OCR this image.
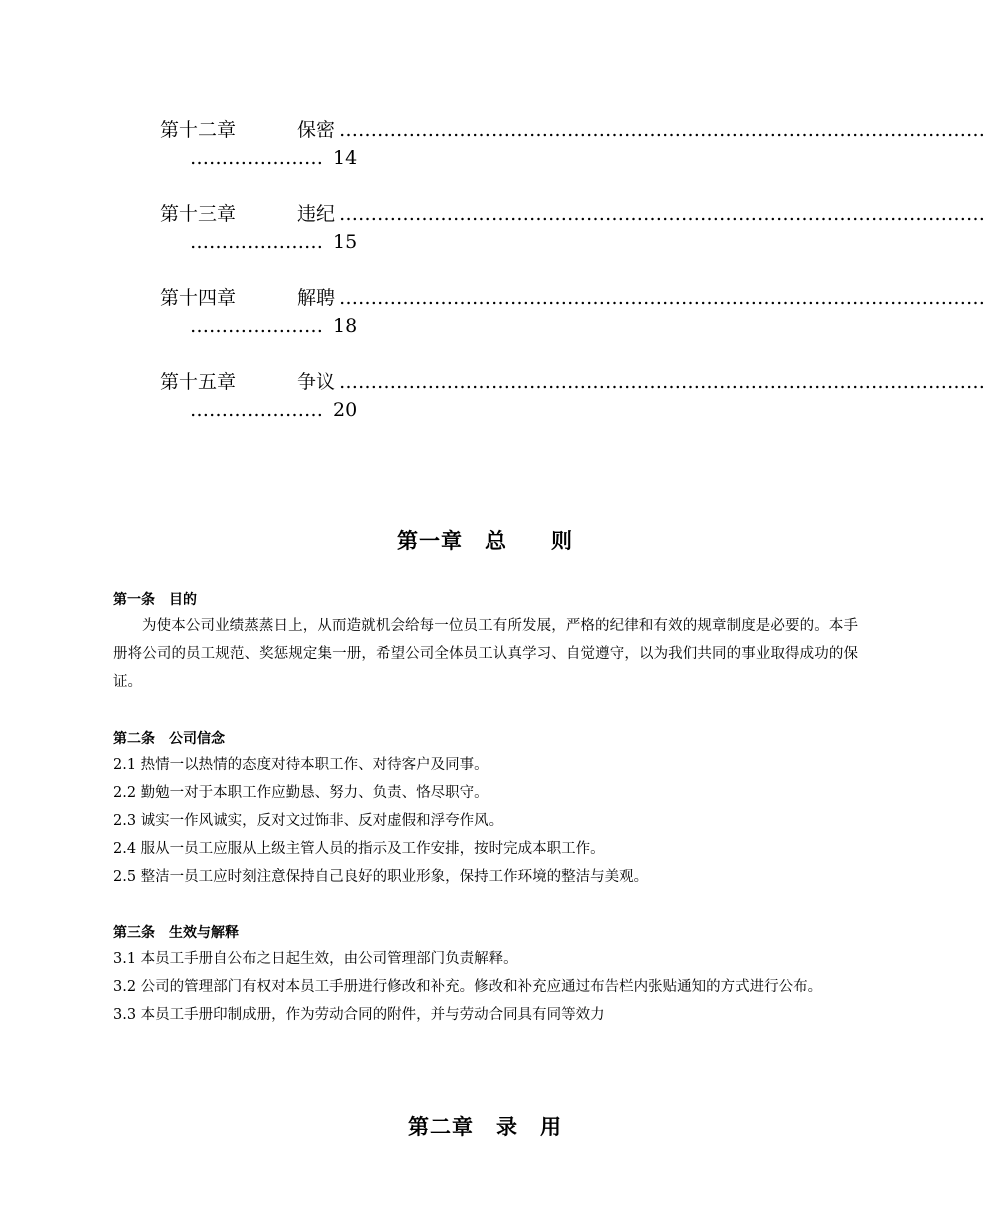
第十二章	保密 …………………………………………………………………………………………
………………… 14
第十三章	违纪 …………………………………………………………………………………………
………………… 15
第十四章	解聘 …………………………………………………………………………………………
………………… 18
第十五章	争议 …………………………………………………………………………………………
………………… 20
第一章　总　　则

第一条　目的

为使本公司业绩蒸蒸日上，从而造就机会给每一位员工有所发展，严格的纪律和有效的规章制度是必要的。本手册将公司的员工规范、奖惩规定集一册，希望公司全体员工认真学习、自觉遵守，以为我们共同的事业取得成功的保证。

第二条　公司信念

2.1 热情一以热情的态度对待本职工作、对待客户及同事。

2.2 勤勉一对于本职工作应勤恳、努力、负责、恪尽职守。

2.3 诚实一作风诚实，反对文过饰非、反对虚假和浮夸作风。

2.4 服从一员工应服从上级主管人员的指示及工作安排，按时完成本职工作。

2.5 整洁一员工应时刻注意保持自己良好的职业形象，保持工作环境的整洁与美观。

第三条　生效与解释

3.1 本员工手册自公布之日起生效，由公司管理部门负责解释。

3.2 公司的管理部门有权对本员工手册进行修改和补充。修改和补充应通过布告栏内张贴通知的方式进行公布。

3.3 本员工手册印制成册，作为劳动合同的附件，并与劳动合同具有同等效力

第二章　录　用
